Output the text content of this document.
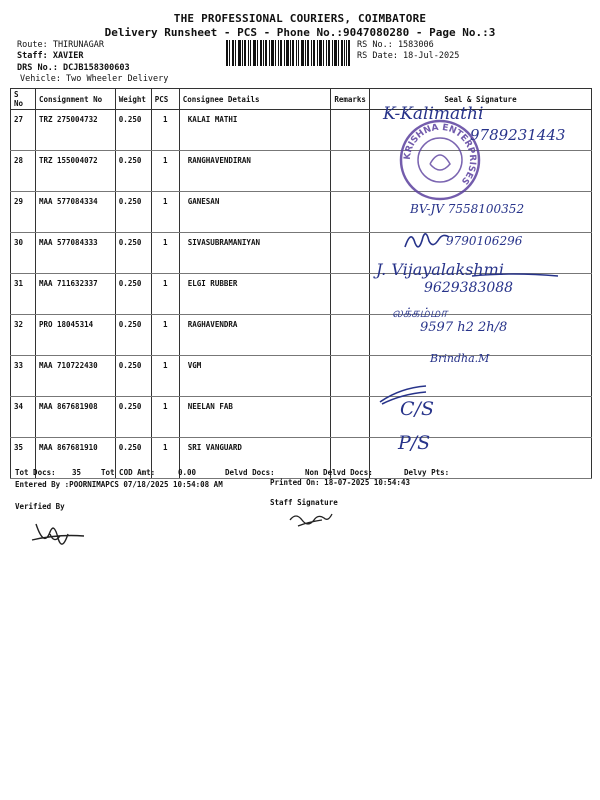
THE PROFESSIONAL COURIERS, COIMBATORE
Delivery Runsheet - PCS - Phone No.:9047080280 - Page No.:3
Route: THIRUNAGAR
Staff: XAVIER
DRS No.: DCJB158300603
Vehicle: Two Wheeler Delivery
RS No.: 1583006
RS Date: 18-Jul-2025
S No	Consignment No	Weight	PCS	Consignee Details	Remarks	Seal & Signature
27	TRZ 275004732	0.250	1	KALAI MATHI		
28	TRZ 155004072	0.250	1	RANGHAVENDIRAN		
29	MAA 577084334	0.250	1	GANESAN		
30	MAA 577084333	0.250	1	SIVASUBRAMANIYAN		
31	MAA 711632337	0.250	1	ELGI RUBBER		
32	PRO 18045314	0.250	1	RAGHAVENDRA		
33	MAA 710722430	0.250	1	VGM		
34	MAA 867681908	0.250	1	NEELAN FAB		
35	MAA 867681910	0.250	1	SRI VANGUARD		
KRISHNA ENTERPRISES
K-Kalimathi
9789231443
BV-JV 7558100352
9790106296
J. Vijayalakshmi
9629383088
லக்கம்மா
9597 h2 2h/8
Brindha.M
C/S
P/S
Tot Docs: 35	Tot COD Amt:	0.00	Delvd Docs:	Non Delvd Docs:	Delvy Pts:
Entered By :POORNIMAPCS 07/18/2025 10:54:08 AM	Printed On: 18-07-2025 10:54:43
Verified By	Staff Signature
